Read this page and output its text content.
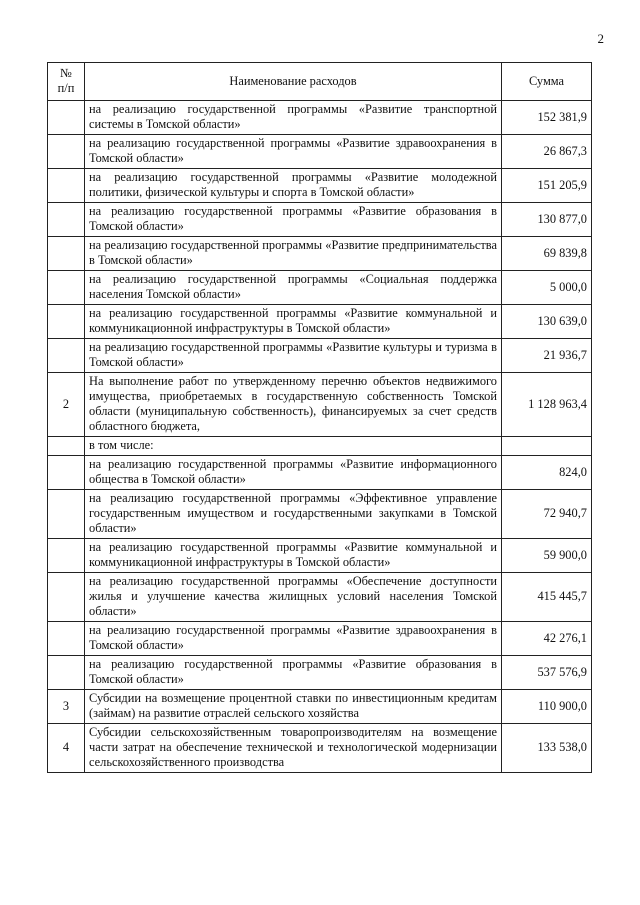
2
№
п/п	Наименование расходов	Сумма
	на реализацию государственной программы «Развитие транспортной системы в Томской области»	152 381,9
	на реализацию государственной программы «Развитие здравоохранения в Томской области»	26 867,3
	на реализацию государственной программы «Развитие молодежной политики, физической культуры и спорта в Томской области»	151 205,9
	на реализацию государственной программы «Развитие образования в Томской области»	130 877,0
	на реализацию государственной программы «Развитие предпринимательства в Томской области»	69 839,8
	на реализацию государственной программы «Социальная поддержка населения Томской области»	5 000,0
	на реализацию государственной программы «Развитие коммунальной и коммуникационной инфраструктуры в Томской области»	130 639,0
	на реализацию государственной программы «Развитие культуры и туризма в Томской области»	21 936,7
2	На выполнение работ по утвержденному перечню объектов недвижимого имущества, приобретаемых в государственную собственность Томской области (муниципальную собственность), финансируемых за счет средств областного бюджета,	1 128 963,4
	в том числе:	
	на реализацию государственной программы «Развитие информационного общества в Томской области»	824,0
	на реализацию государственной программы «Эффективное управление государственным имуществом и государственными закупками в Томской области»	72 940,7
	на реализацию государственной программы «Развитие коммунальной и коммуникационной инфраструктуры в Томской области»	59 900,0
	на реализацию государственной программы «Обеспечение доступности жилья и улучшение качества жилищных условий населения Томской области»	415 445,7
	на реализацию государственной программы «Развитие здравоохранения в Томской области»	42 276,1
	на реализацию государственной программы «Развитие образования в Томской области»	537 576,9
3	Субсидии на возмещение процентной ставки по инвестиционным кредитам (займам) на развитие отраслей сельского хозяйства	110 900,0
4	Субсидии сельскохозяйственным товаропроизводителям на возмещение части затрат на обеспечение технической и технологической модернизации сельскохозяйственного производства	133 538,0
